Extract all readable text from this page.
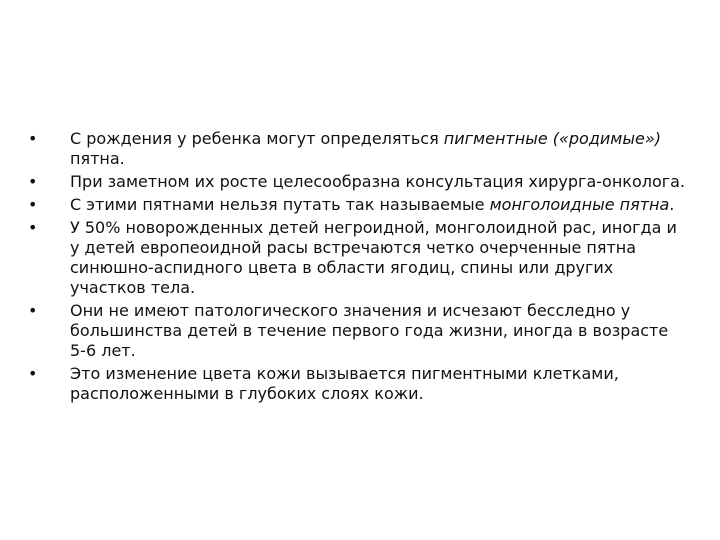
•	С рождения у ребенка могут определяться пигментные («родимые») пятна.
•	При заметном их росте целесообразна консультация хирурга-онколога.
•	С этими пятнами нельзя путать так называемые монголоидные пятна.
•	У 50% новорожденных детей негроидной, монголоидной рас, иногда и у детей европеоидной расы встречаются четко очерченные пятна синюшно-аспидного цвета в области ягодиц, спины или других участков тела.
•	Они не имеют патологического значения и исчезают бесследно у большинства детей в течение первого года жизни, иногда в возрасте 5-6 лет.
•	Это изменение цвета кожи вызывается пигментными клетками, расположенными в глубоких слоях кожи.
